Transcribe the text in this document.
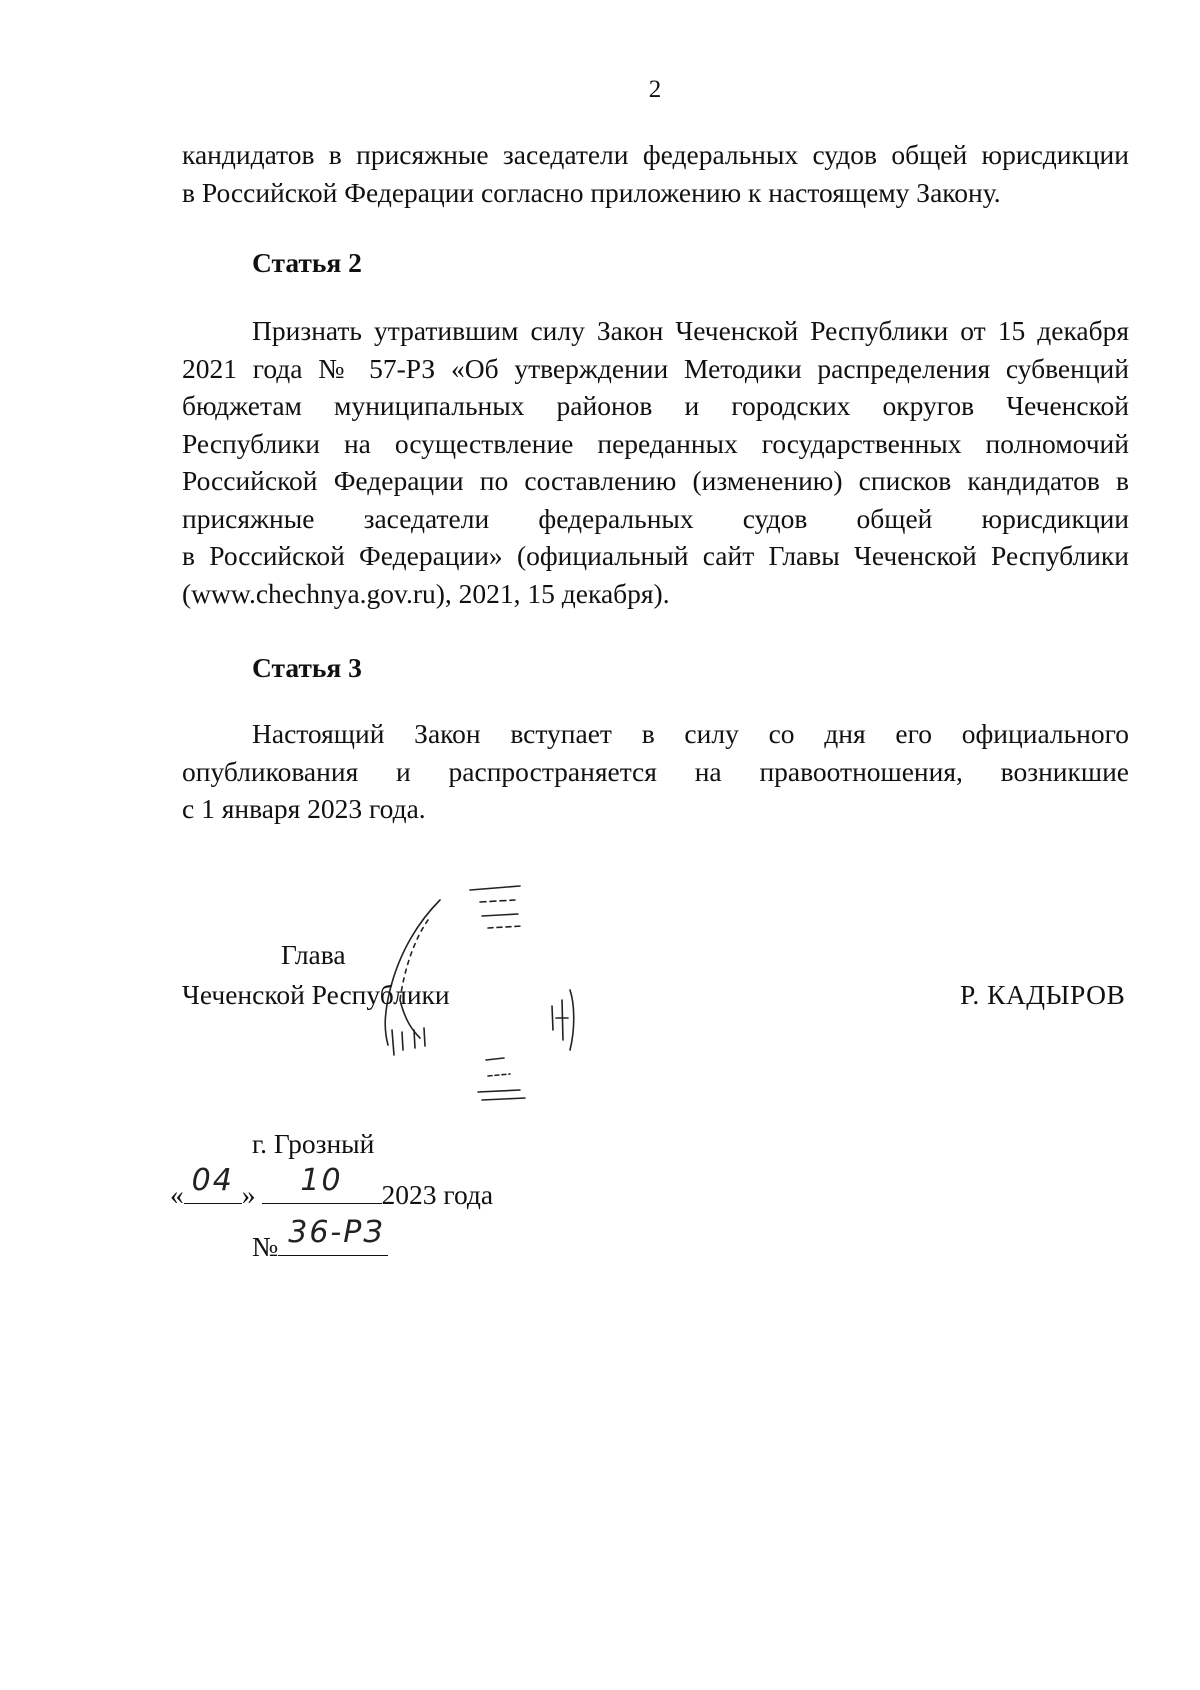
2

кандидатов в присяжные заседатели федеральных судов общей юрисдикции
в Российской Федерации согласно приложению к настоящему Закону.

Статья 2

Признать утратившим силу Закон Чеченской Республики от 15 декабря
2021 года № 57-РЗ «Об утверждении Методики распределения субвенций
бюджетам муниципальных районов и городских округов Чеченской
Республики на осуществление переданных государственных полномочий
Российской Федерации по составлению (изменению) списков кандидатов в
присяжные заседатели федеральных судов общей юрисдикции
в Российской Федерации» (официальный сайт Главы Чеченской Республики
(www.chechnya.gov.ru), 2021, 15 декабря).

Статья 3

Настоящий Закон вступает в силу со дня его официального
опубликования и распространяется на правоотношения, возникшие
с 1 января 2023 года.

Глава
Чеченской Республики	Р. КАДЫРОВ
г. Грозный
« 04 »	10	2023 года
№ 36-РЗ
